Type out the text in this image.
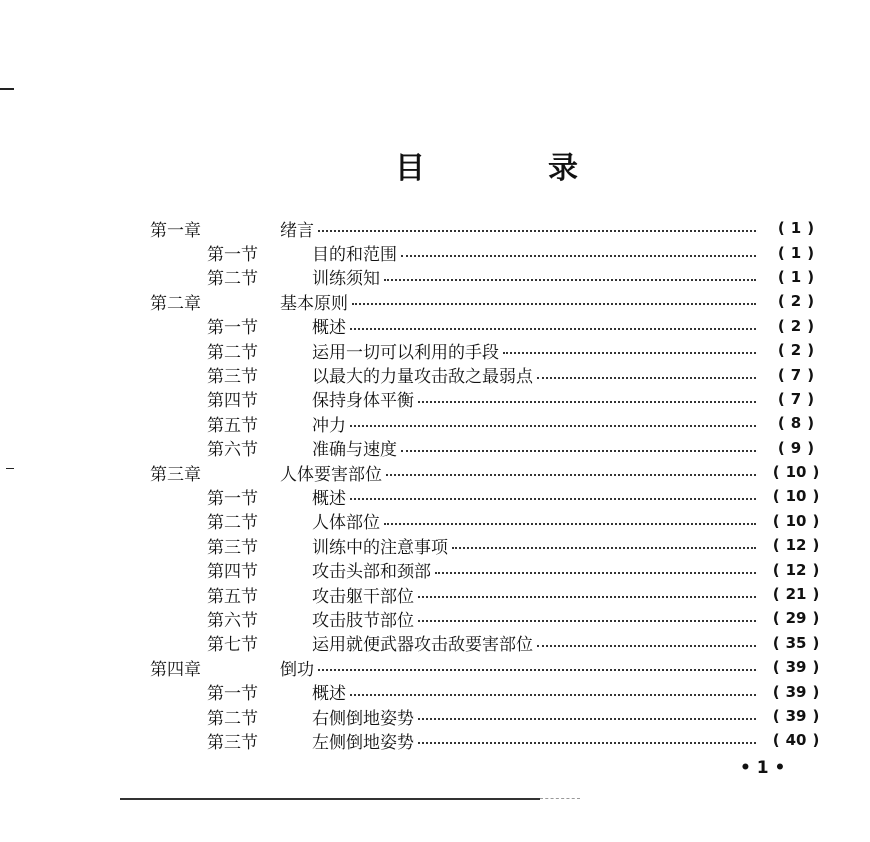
目	录
第一章	绪言	( 1 )
第一节	目的和范围	( 1 )
第二节	训练须知	( 1 )
第二章	基本原则	( 2 )
第一节	概述	( 2 )
第二节	运用一切可以利用的手段	( 2 )
第三节	以最大的力量攻击敌之最弱点	( 7 )
第四节	保持身体平衡	( 7 )
第五节	冲力	( 8 )
第六节	准确与速度	( 9 )
第三章	人体要害部位	( 10 )
第一节	概述	( 10 )
第二节	人体部位	( 10 )
第三节	训练中的注意事项	( 12 )
第四节	攻击头部和颈部	( 12 )
第五节	攻击躯干部位	( 21 )
第六节	攻击肢节部位	( 29 )
第七节	运用就便武器攻击敌要害部位	( 35 )
第四章	倒功	( 39 )
第一节	概述	( 39 )
第二节	右侧倒地姿势	( 39 )
第三节	左侧倒地姿势	( 40 )
• 1 •
